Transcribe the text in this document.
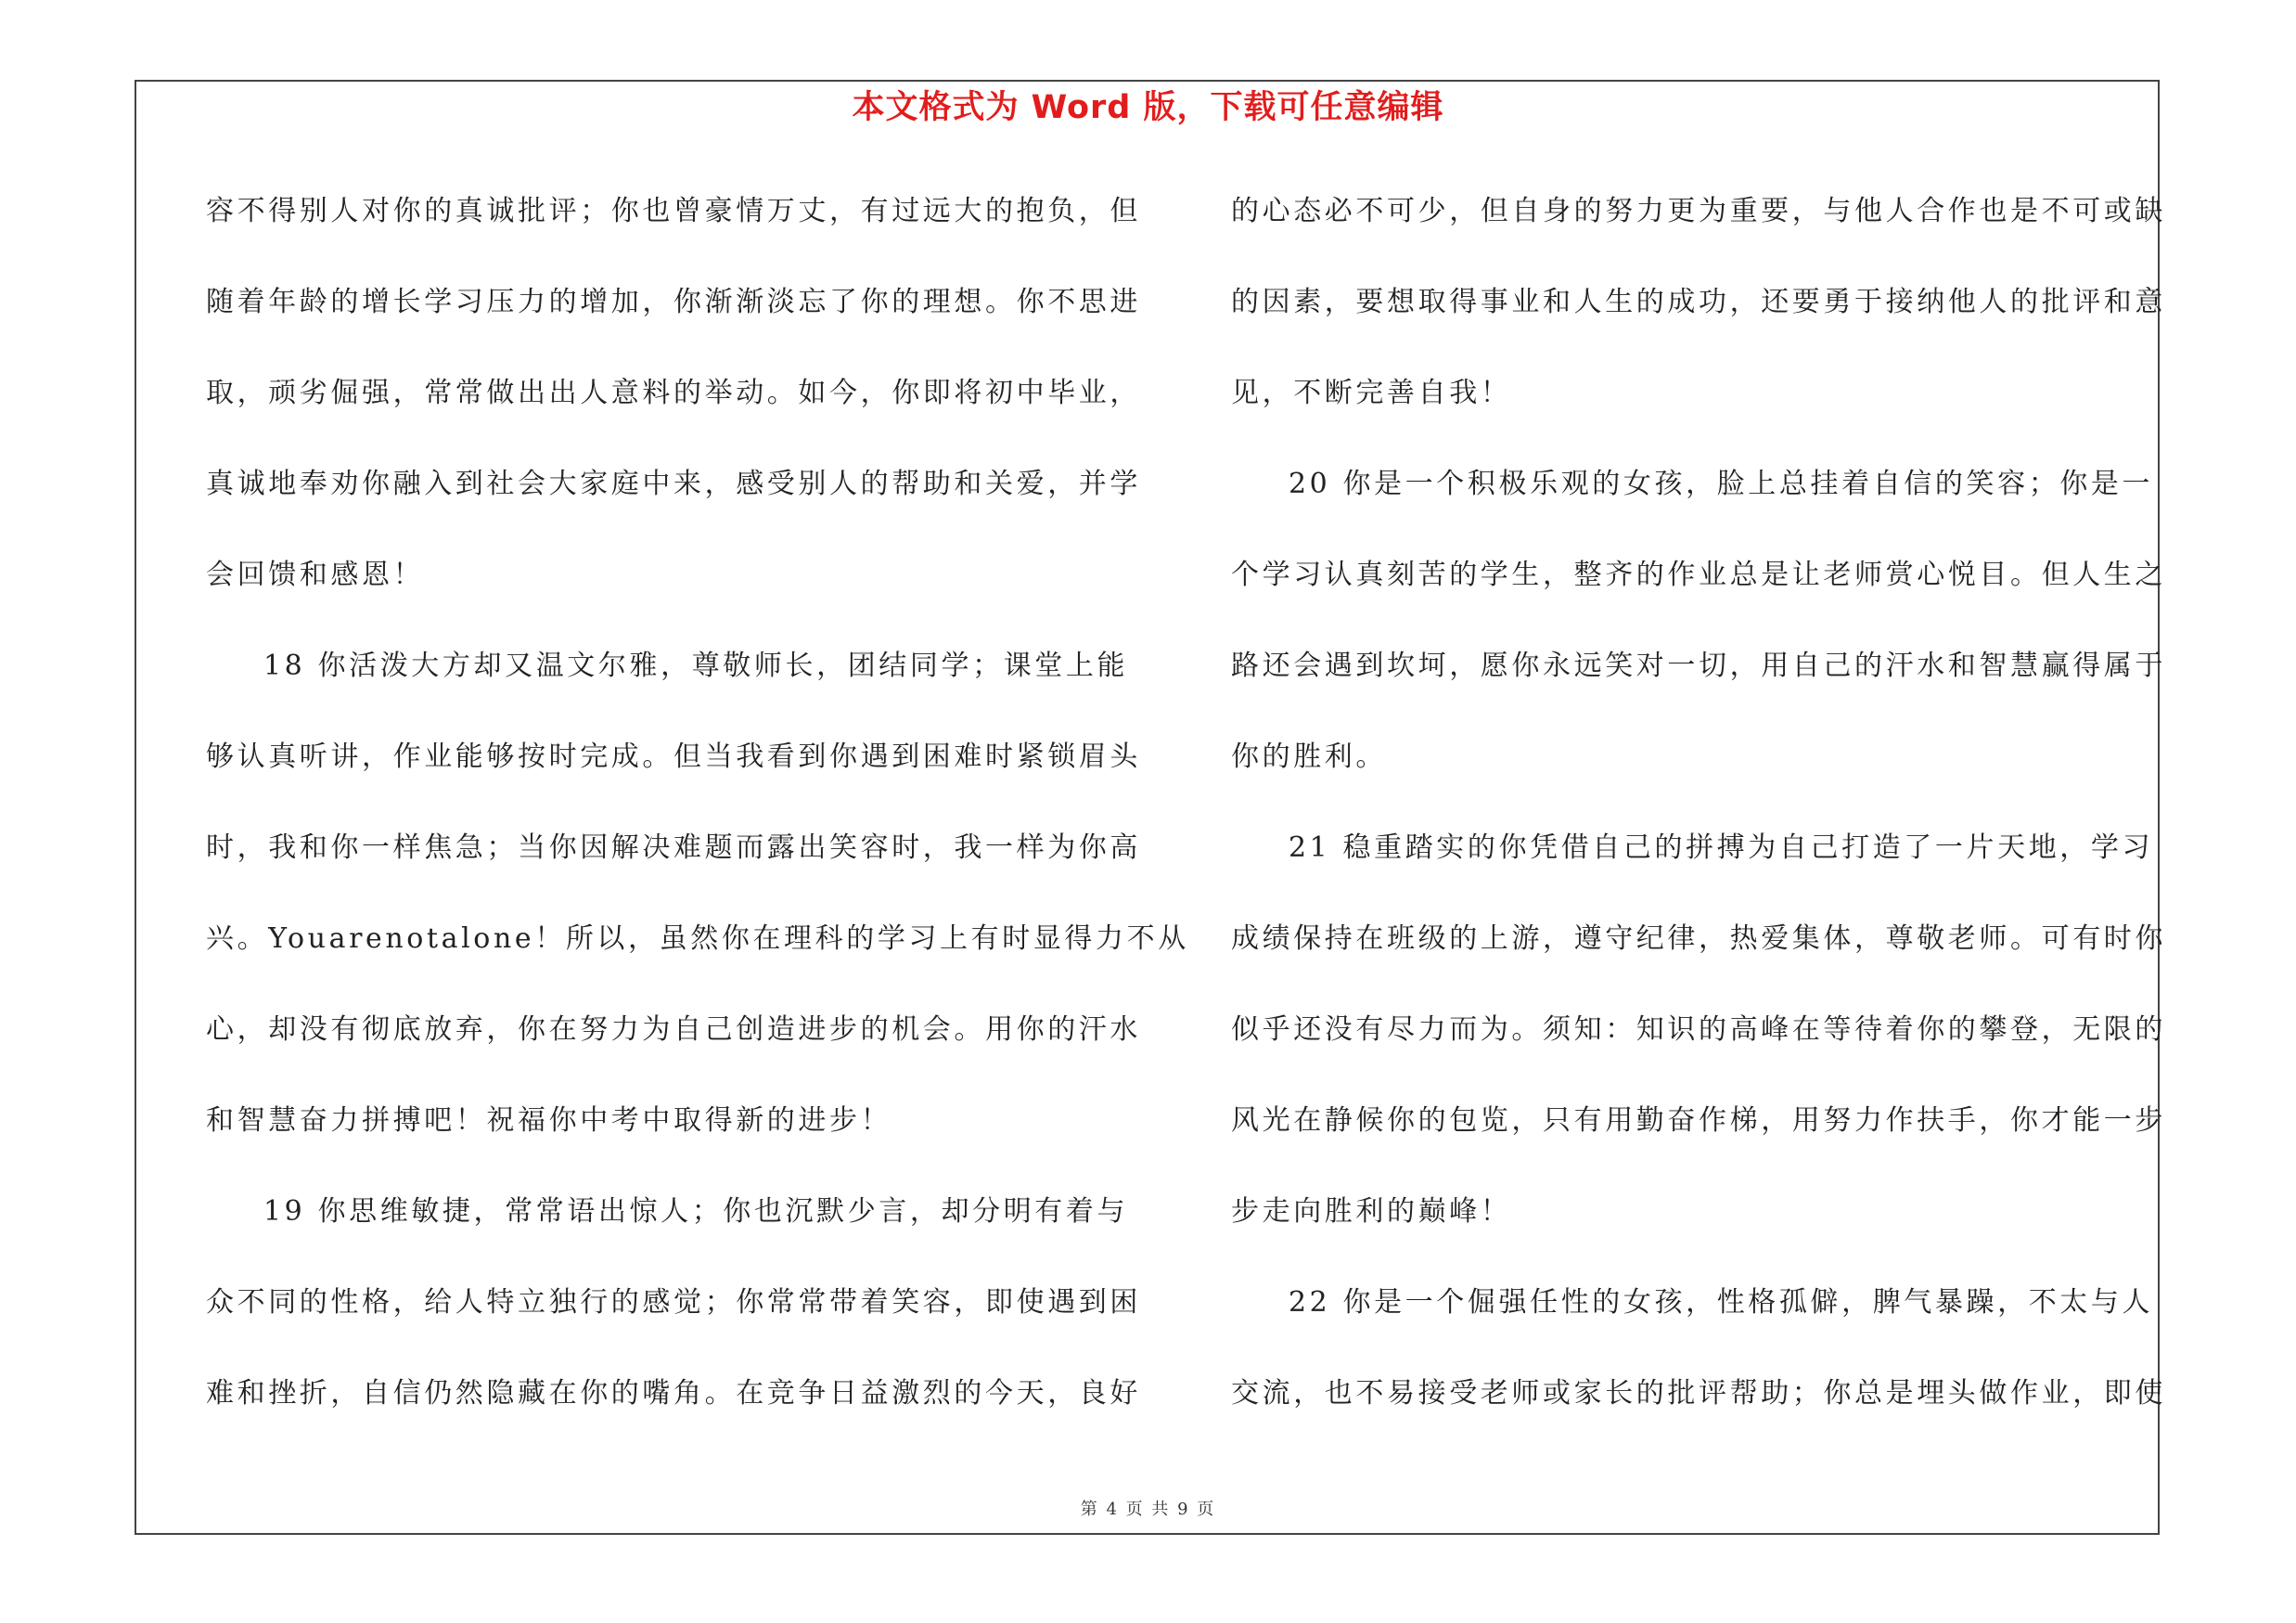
本文格式为 Word 版，下载可任意编辑
容不得别人对你的真诚批评；你也曾豪情万丈，有过远大的抱负，但
随着年龄的增长学习压力的增加，你渐渐淡忘了你的理想。你不思进
取，顽劣倔强，常常做出出人意料的举动。如今，你即将初中毕业，
真诚地奉劝你融入到社会大家庭中来，感受别人的帮助和关爱，并学
会回馈和感恩！
18 你活泼大方却又温文尔雅，尊敬师长，团结同学；课堂上能
够认真听讲，作业能够按时完成。但当我看到你遇到困难时紧锁眉头
时，我和你一样焦急；当你因解决难题而露出笑容时，我一样为你高
兴。Youarenotalone！所以，虽然你在理科的学习上有时显得力不从
心，却没有彻底放弃，你在努力为自己创造进步的机会。用你的汗水
和智慧奋力拼搏吧！祝福你中考中取得新的进步！
19 你思维敏捷，常常语出惊人；你也沉默少言，却分明有着与
众不同的性格，给人特立独行的感觉；你常常带着笑容，即使遇到困
难和挫折，自信仍然隐藏在你的嘴角。在竞争日益激烈的今天，良好
的心态必不可少，但自身的努力更为重要，与他人合作也是不可或缺
的因素，要想取得事业和人生的成功，还要勇于接纳他人的批评和意
见，不断完善自我！
20 你是一个积极乐观的女孩，脸上总挂着自信的笑容；你是一
个学习认真刻苦的学生，整齐的作业总是让老师赏心悦目。但人生之
路还会遇到坎坷，愿你永远笑对一切，用自己的汗水和智慧赢得属于
你的胜利。
21 稳重踏实的你凭借自己的拼搏为自己打造了一片天地，学习
成绩保持在班级的上游，遵守纪律，热爱集体，尊敬老师。可有时你
似乎还没有尽力而为。须知：知识的高峰在等待着你的攀登，无限的
风光在静候你的包览，只有用勤奋作梯，用努力作扶手，你才能一步
步走向胜利的巅峰！
22 你是一个倔强任性的女孩，性格孤僻，脾气暴躁，不太与人
交流，也不易接受老师或家长的批评帮助；你总是埋头做作业，即使
第 4 页 共 9 页
